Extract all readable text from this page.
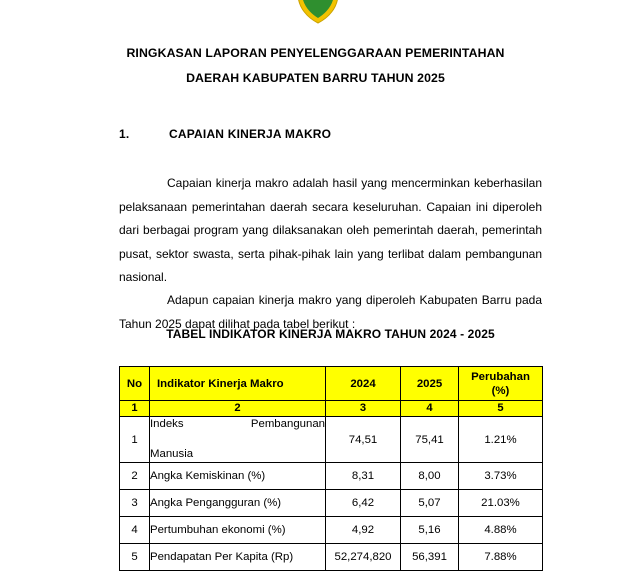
RINGKASAN LAPORAN PENYELENGGARAAN PEMERINTAHAN
DAERAH KABUPATEN BARRU TAHUN 2025
1.	CAPAIAN KINERJA MAKRO

Capaian kinerja makro adalah hasil yang mencerminkan keberhasilan pelaksanaan pemerintahan daerah secara keseluruhan. Capaian ini diperoleh dari berbagai program yang dilaksanakan oleh pemerintah daerah, pemerintah pusat, sektor swasta, serta pihak-pihak lain yang terlibat dalam pembangunan nasional.

Adapun capaian kinerja makro yang diperoleh Kabupaten Barru pada Tahun 2025 dapat dilihat pada tabel berikut :

TABEL INDIKATOR KINERJA MAKRO TAHUN 2024 - 2025
No	Indikator Kinerja Makro	2024	2025	Perubahan
(%)
1	2	3	4	5
1	Indeks Pembangunan
Manusia	74,51	75,41	1.21%
2	Angka Kemiskinan (%)	8,31	8,00	3.73%
3	Angka Pengangguran (%)	6,42	5,07	21.03%
4	Pertumbuhan ekonomi (%)	4,92	5,16	4.88%
5	Pendapatan Per Kapita (Rp)	52,274,820	56,391	7.88%
